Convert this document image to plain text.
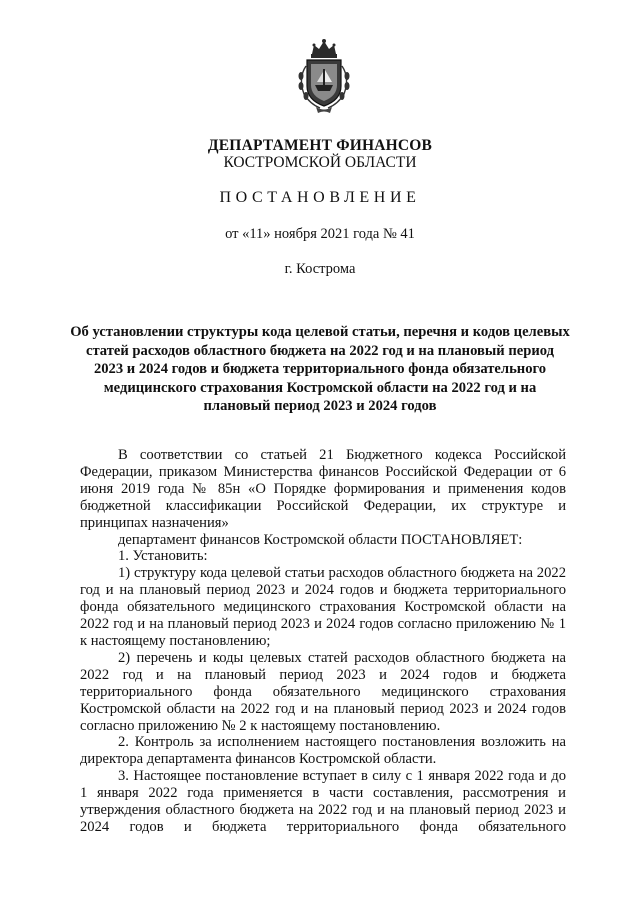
ДЕПАРТАМЕНТ ФИНАНСОВ
КОСТРОМСКОЙ ОБЛАСТИ
ПОСТАНОВЛЕНИЕ
от «11» ноября 2021 года № 41
г. Кострома
Об установлении структуры кода целевой статьи, перечня и кодов целевых статей расходов областного бюджета на 2022 год и на плановый период 2023 и 2024 годов и бюджета территориального фонда обязательного медицинского страхования Костромской области на 2022 год и на плановый период 2023 и 2024 годов

В соответствии со статьей 21 Бюджетного кодекса Российской Федерации, приказом Министерства финансов Российской Федерации от 6 июня 2019 года № 85н «О Порядке формирования и применения кодов бюджетной классификации Российской Федерации, их структуре и принципах назначения»

департамент финансов Костромской области ПОСТАНОВЛЯЕТ:

1. Установить:

1) структуру кода целевой статьи расходов областного бюджета на 2022 год и на плановый период 2023 и 2024 годов и бюджета территориального фонда обязательного медицинского страхования Костромской области на 2022 год и на плановый период 2023 и 2024 годов согласно приложению № 1 к настоящему постановлению;

2) перечень и коды целевых статей расходов областного бюджета на 2022 год и на плановый период 2023 и 2024 годов и бюджета территориального фонда обязательного медицинского страхования Костромской области на 2022 год и на плановый период 2023 и 2024 годов согласно приложению № 2 к настоящему постановлению.

2. Контроль за исполнением настоящего постановления возложить на директора департамента финансов Костромской области.

3. Настоящее постановление вступает в силу с 1 января 2022 года и до 1 января 2022 года применяется в части составления, рассмотрения и утверждения областного бюджета на 2022 год и на плановый период 2023 и 2024 годов и бюджета территориального фонда обязательного
